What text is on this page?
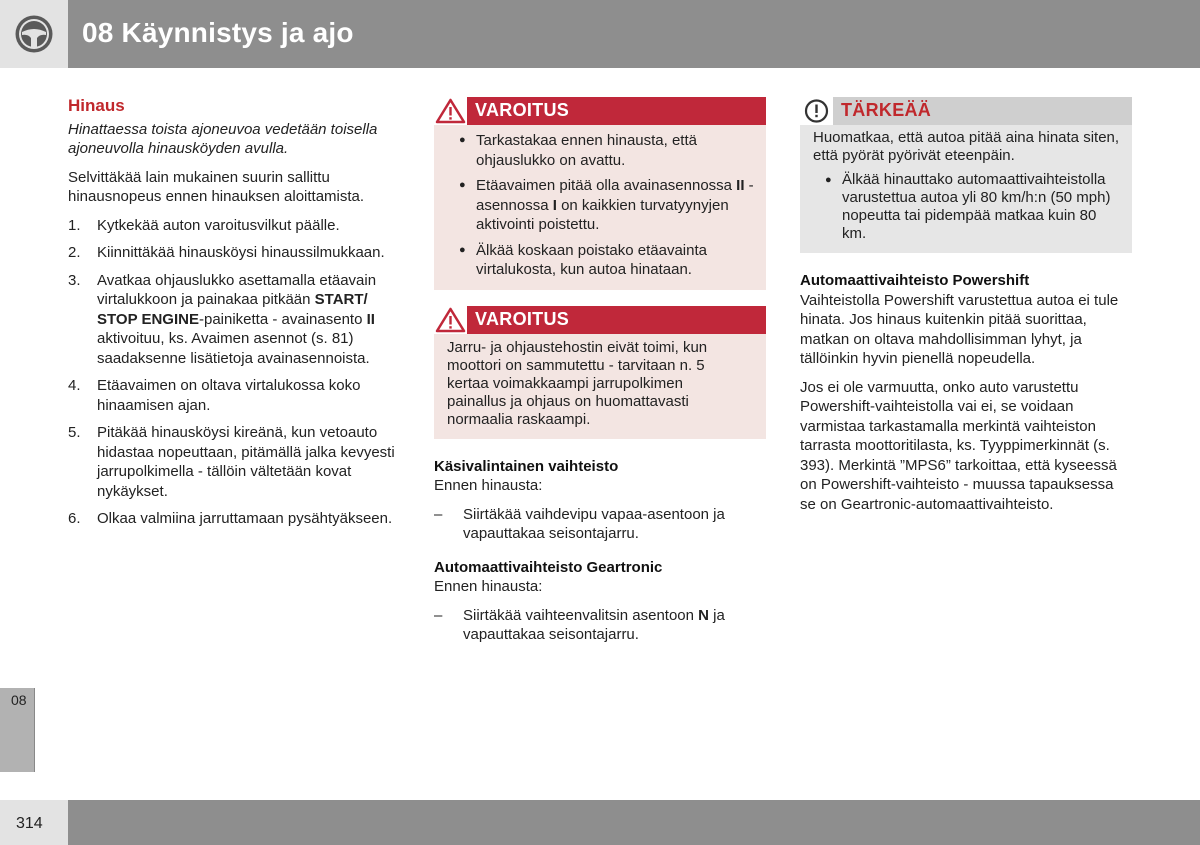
08 Käynnistys ja ajo
Hinaus

Hinattaessa toista ajoneuvoa vedetään toisella ajoneuvolla hinausköyden avulla.

Selvittäkää lain mukainen suurin sallittu hinausnopeus ennen hinauksen aloittamista.

1. Kytkekää auton varoitusvilkut päälle.
2. Kiinnittäkää hinausköysi hinaussilmukkaan.
3. Avatkaa ohjauslukko asettamalla etäavain virtalukkoon ja painakaa pitkään START/ STOP ENGINE-painiketta - avainasento II aktivoituu, ks. Avaimen asennot (s. 81) saadaksenne lisätietoja avainasennoista.
4. Etäavaimen on oltava virtalukossa koko hinaamisen ajan.
5. Pitäkää hinausköysi kireänä, kun vetoauto hidastaa nopeuttaan, pitämällä jalka kevyesti jarrupolkimella - tällöin vältetään kovat nykäykset.
6. Olkaa valmiina jarruttamaan pysähtyäkseen.
VAROITUS
● Tarkastakaa ennen hinausta, että ohjauslukko on avattu.
● Etäavaimen pitää olla avainasennossa II - asennossa I on kaikkien turvatyynyjen aktivointi poistettu.
● Älkää koskaan poistako etäavainta virtalukosta, kun autoa hinataan.
VAROITUS
Jarru- ja ohjaustehostin eivät toimi, kun moottori on sammutettu - tarvitaan n. 5 kertaa voimakkaampi jarrupolkimen painallus ja ohjaus on huomattavasti normaalia raskaampi.
Käsivalintainen vaihteisto

Ennen hinausta:

– Siirtäkää vaihdevipu vapaa-asentoon ja vapauttakaa seisontajarru.
Automaattivaihteisto Geartronic

Ennen hinausta:

– Siirtäkää vaihteenvalitsin asentoon N ja vapauttakaa seisontajarru.
TÄRKEÄÄ

Huomatkaa, että autoa pitää aina hinata siten, että pyörät pyörivät eteenpäin.

● Älkää hinauttako automaattivaihteistolla varustettua autoa yli 80 km/h:n (50 mph) nopeutta tai pidempää matkaa kuin 80 km.
Automaattivaihteisto Powershift

Vaihteistolla Powershift varustettua autoa ei tule hinata. Jos hinaus kuitenkin pitää suorittaa, matkan on oltava mahdollisimman lyhyt, ja tällöinkin hyvin pienellä nopeudella.

Jos ei ole varmuutta, onko auto varustettu Powershift-vaihteistolla vai ei, se voidaan varmistaa tarkastamalla merkintä vaihteiston tarrasta moottoritilasta, ks. Tyyppimerkinnät (s. 393). Merkintä ”MPS6” tarkoittaa, että kyseessä on Powershift-vaihteisto - muussa tapauksessa se on Geartronic-automaattivaihteisto.

08
314
